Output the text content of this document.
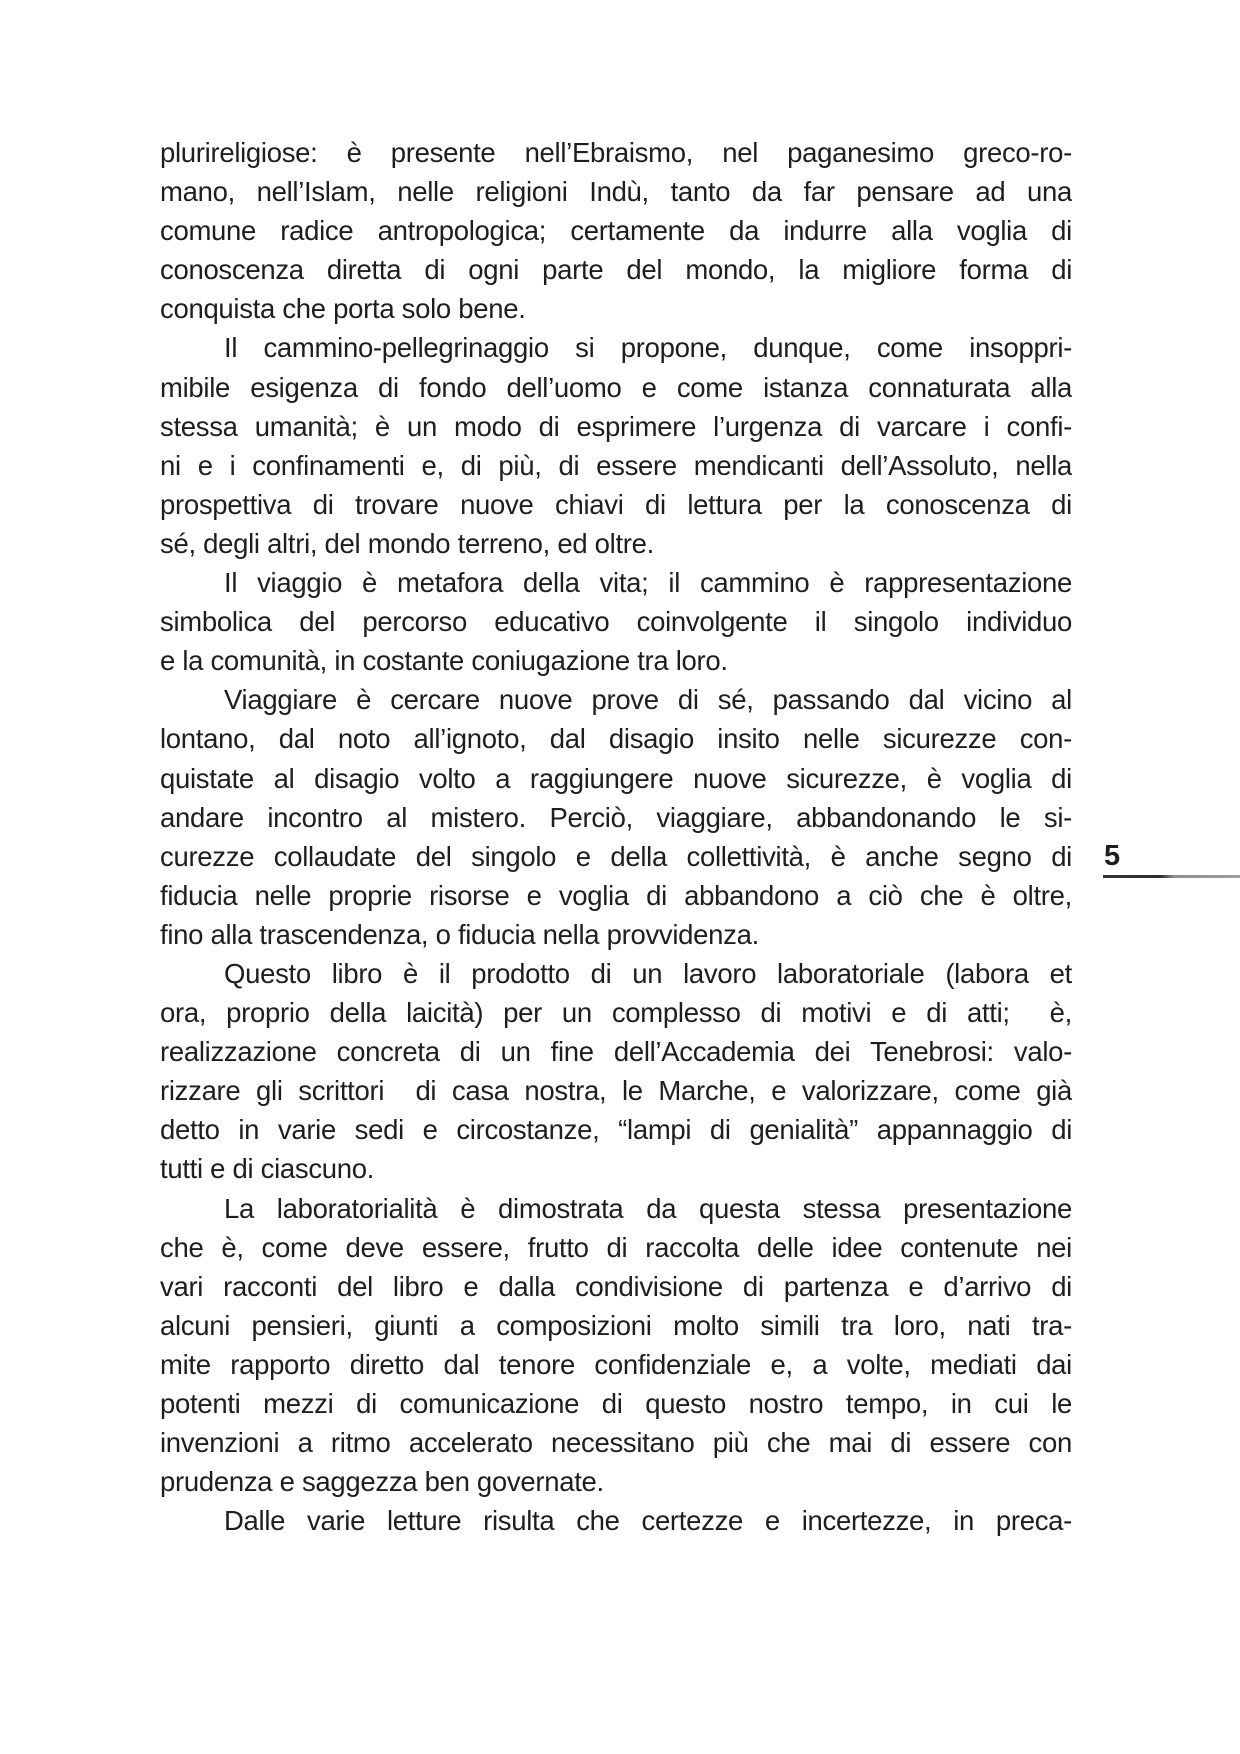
plurireligiose: è presente nell’Ebraismo, nel paganesimo greco-ro-
mano, nell’Islam, nelle religioni Indù, tanto da far pensare ad una
comune radice antropologica; certamente da indurre alla voglia di
conoscenza diretta di ogni parte del mondo, la migliore forma di
conquista che porta solo bene.
Il cammino-pellegrinaggio si propone, dunque, come insoppri-
mibile esigenza di fondo dell’uomo e come istanza connaturata alla
stessa umanità; è un modo di esprimere l’urgenza di varcare i confi-
ni e i confinamenti e, di più, di essere mendicanti dell’Assoluto, nella
prospettiva di trovare nuove chiavi di lettura per la conoscenza di
sé, degli altri, del mondo terreno, ed oltre.
Il viaggio è metafora della vita; il cammino è rappresentazione
simbolica del percorso educativo coinvolgente il singolo individuo
e la comunità, in costante coniugazione tra loro.
Viaggiare è cercare nuove prove di sé, passando dal vicino al
lontano, dal noto all’ignoto, dal disagio insito nelle sicurezze con-
quistate al disagio volto a raggiungere nuove sicurezze, è voglia di
andare incontro al mistero. Perciò, viaggiare, abbandonando le si-
curezze collaudate del singolo e della collettività, è anche segno di
fiducia nelle proprie risorse e voglia di abbandono a ciò che è oltre,
fino alla trascendenza, o fiducia nella provvidenza.
Questo libro è il prodotto di un lavoro laboratoriale (labora et
ora, proprio della laicità) per un complesso di motivi e di atti;  è,
realizzazione concreta di un fine dell’Accademia dei Tenebrosi: valo-
rizzare gli scrittori  di casa nostra, le Marche, e valorizzare, come già
detto in varie sedi e circostanze, “lampi di genialità” appannaggio di
tutti e di ciascuno.
La laboratorialità è dimostrata da questa stessa presentazione
che è, come deve essere, frutto di raccolta delle idee contenute nei
vari racconti del libro e dalla condivisione di partenza e d’arrivo di
alcuni pensieri, giunti a composizioni molto simili tra loro, nati tra-
mite rapporto diretto dal tenore confidenziale e, a volte, mediati dai
potenti mezzi di comunicazione di questo nostro tempo, in cui le
invenzioni a ritmo accelerato necessitano più che mai di essere con
prudenza e saggezza ben governate.
Dalle varie letture risulta che certezze e incertezze, in preca-
5
